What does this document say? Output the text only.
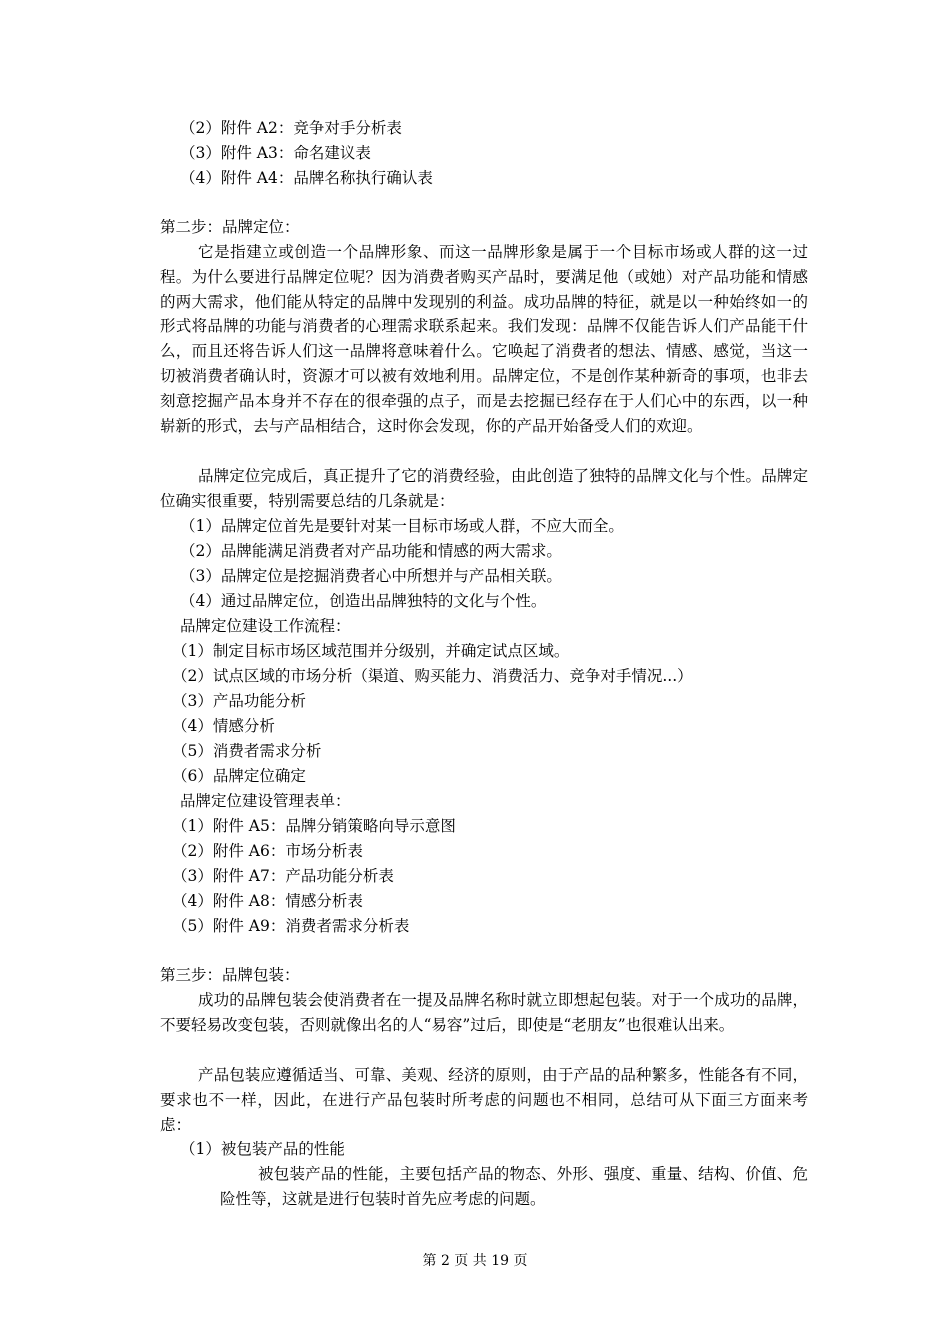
（2）附件 A2：竞争对手分析表
（3）附件 A3：命名建议表
（4）附件 A4：品牌名称执行确认表
第二步：品牌定位：
它是指建立或创造一个品牌形象、而这一品牌形象是属于一个目标市场或人群的这一过程。为什么要进行品牌定位呢？因为消费者购买产品时，要满足他（或她）对产品功能和情感的两大需求，他们能从特定的品牌中发现别的利益。成功品牌的特征，就是以一种始终如一的形式将品牌的功能与消费者的心理需求联系起来。我们发现：品牌不仅能告诉人们产品能干什么，而且还将告诉人们这一品牌将意味着什么。它唤起了消费者的想法、情感、感觉，当这一切被消费者确认时，资源才可以被有效地利用。品牌定位，不是创作某种新奇的事项，也非去刻意挖掘产品本身并不存在的很牵强的点子，而是去挖掘已经存在于人们心中的东西，以一种崭新的形式，去与产品相结合，这时你会发现，你的产品开始备受人们的欢迎。
品牌定位完成后，真正提升了它的消费经验，由此创造了独特的品牌文化与个性。品牌定位确实很重要，特别需要总结的几条就是：
（1）品牌定位首先是要针对某一目标市场或人群，不应大而全。
（2）品牌能满足消费者对产品功能和情感的两大需求。
（3）品牌定位是挖掘消费者心中所想并与产品相关联。
（4）通过品牌定位，创造出品牌独特的文化与个性。
品牌定位建设工作流程：
（1）制定目标市场区域范围并分级别，并确定试点区域。
（2）试点区域的市场分析（渠道、购买能力、消费活力、竞争对手情况...）
（3）产品功能分析
（4）情感分析
（5）消费者需求分析
（6）品牌定位确定
品牌定位建设管理表单：
（1）附件 A5：品牌分销策略向导示意图
（2）附件 A6：市场分析表
（3）附件 A7：产品功能分析表
（4）附件 A8：情感分析表
（5）附件 A9：消费者需求分析表
第三步：品牌包装：
成功的品牌包装会使消费者在一提及品牌名称时就立即想起包装。对于一个成功的品牌，不要轻易改变包装，否则就像出名的人“易容”过后，即使是“老朋友”也很难认出来。
产品包装应遵循适当、可靠、美观、经济的原则，由于产品的品种繁多，性能各有不同，要求也不一样，因此，在进行产品包装时所考虑的问题也不相同，总结可从下面三方面来考虑：
（1）被包装产品的性能
被包装产品的性能，主要包括产品的物态、外形、强度、重量、结构、价值、危险性等，这就是进行包装时首先应考虑的问题。
第 2 页 共 19 页
